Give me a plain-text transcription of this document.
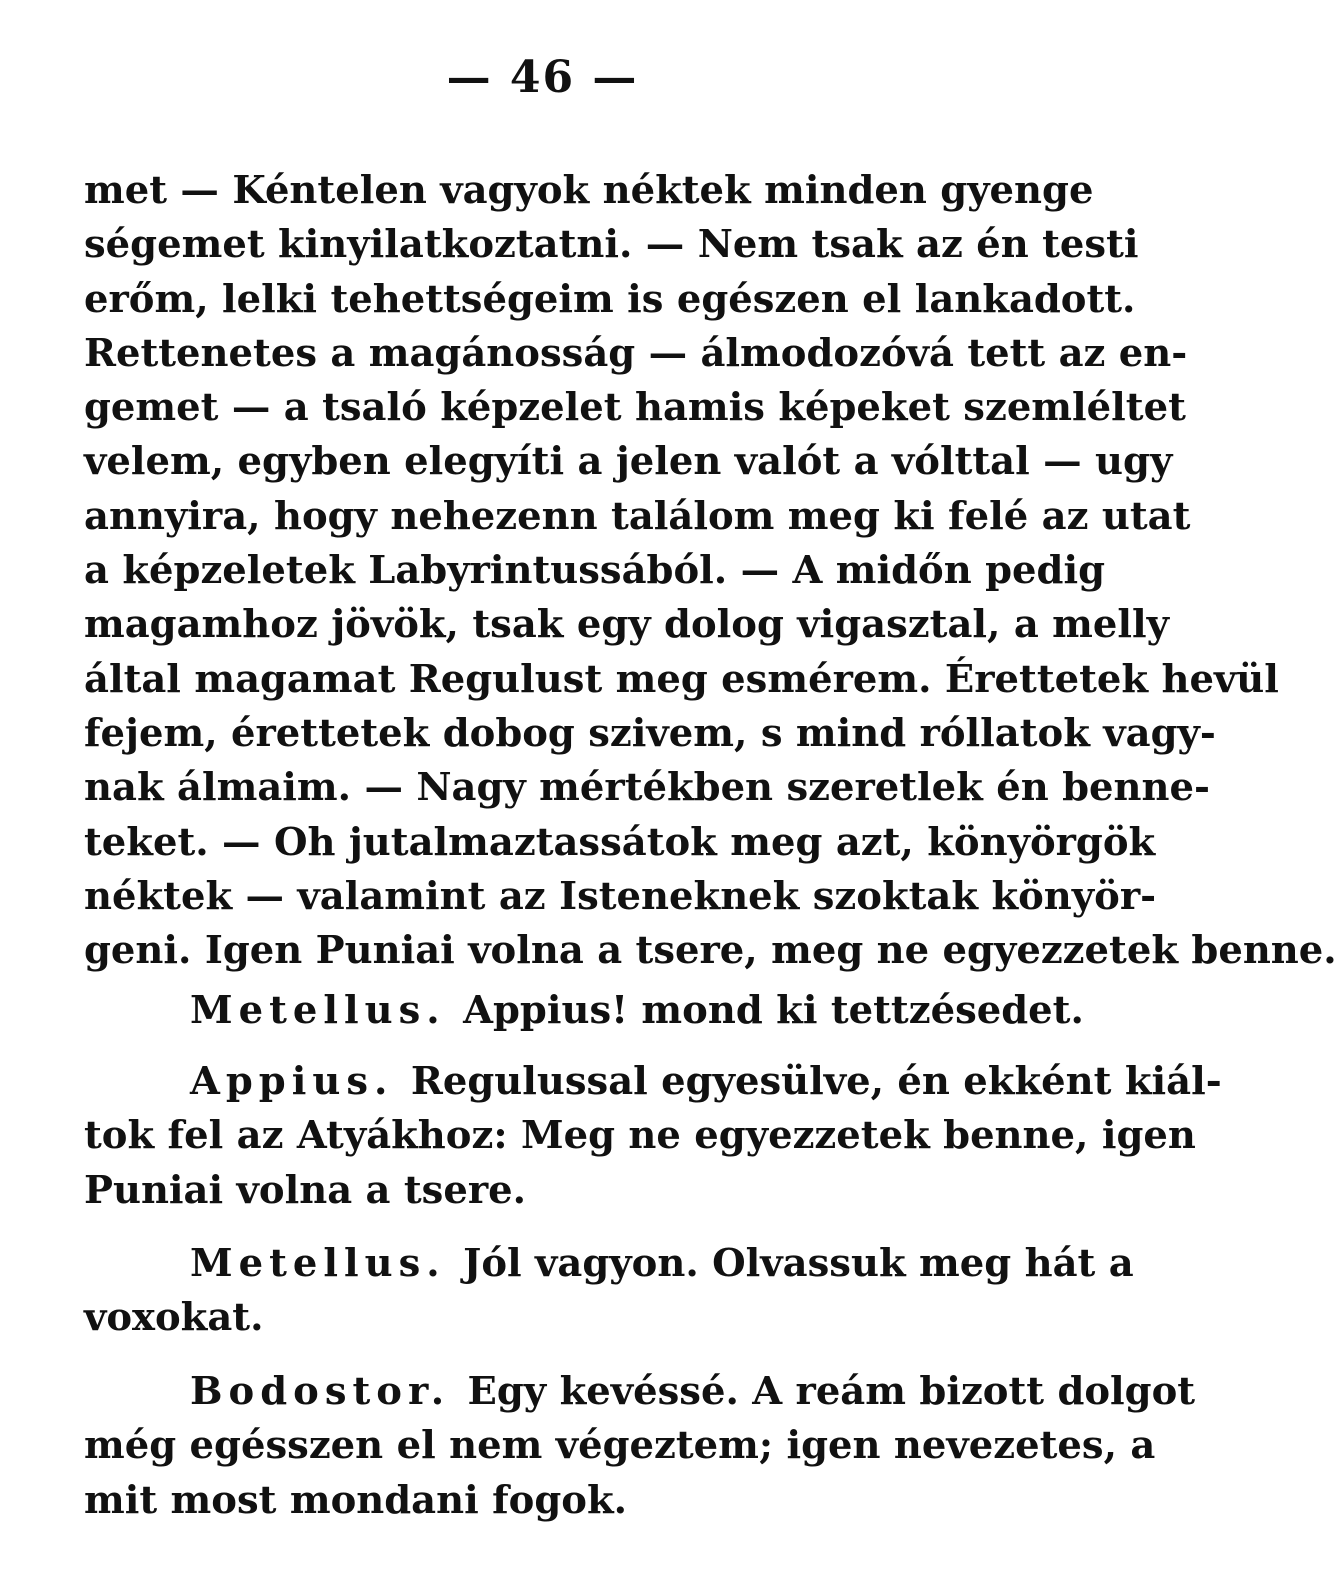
— 46 —
met — Kéntelen vagyok néktek minden gyenge
ségemet kinyilatkoztatni. — Nem tsak az én testi
erőm, lelki tehettségeim is egészen el lankadott.
Rettenetes a magánosság — álmodozóvá tett az en-
gemet — a tsaló képzelet hamis képeket szemléltet
velem, egyben elegyíti a jelen valót a vólttal — ugy
annyira, hogy nehezenn találom meg ki felé az utat
a képzeletek Labyrintussából. — A midőn pedig
magamhoz jövök, tsak egy dolog vigasztal, a melly
által magamat Regulust meg esmérem. Érettetek hevül
fejem, érettetek dobog szivem, s mind róllatok vagy-
nak álmaim. — Nagy mértékben szeretlek én benne-
teket. — Oh jutalmaztassátok meg azt, könyörgök
néktek — valamint az Isteneknek szoktak könyör-
geni. Igen Puniai volna a tsere, meg ne egyezzetek benne.
Metellus. Appius! mond ki tettzésedet.
Appius. Regulussal egyesülve, én ekként kiál-
tok fel az Atyákhoz: Meg ne egyezzetek benne, igen
Puniai volna a tsere.
Metellus. Jól vagyon. Olvassuk meg hát a
voxokat.
Bodostor. Egy kevéssé. A reám bizott dolgot
még egésszen el nem végeztem; igen nevezetes, a
mit most mondani fogok.
